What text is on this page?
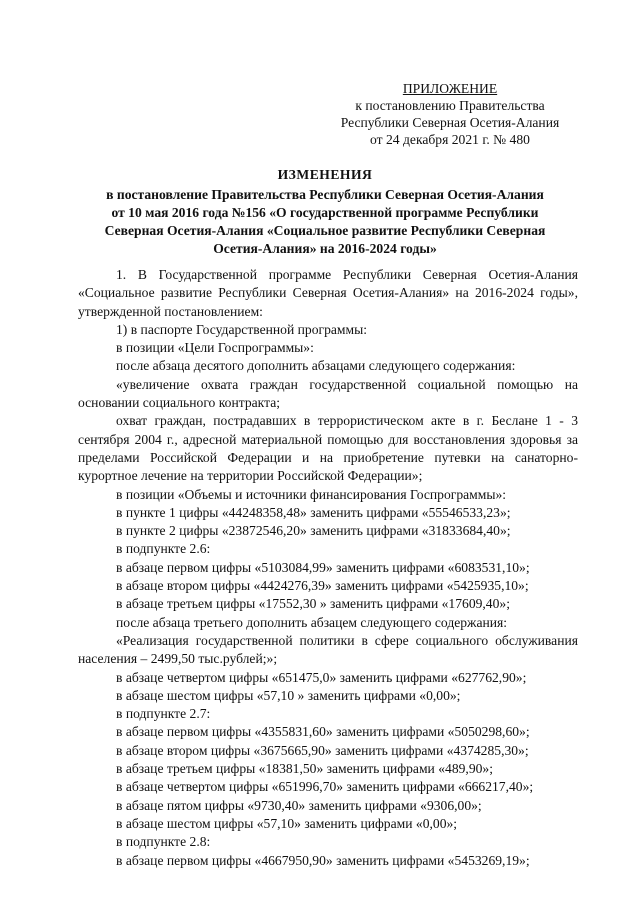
ПРИЛОЖЕНИЕ
к постановлению Правительства
Республики Северная Осетия-Алания
от 24 декабря 2021 г. № 480
ИЗМЕНЕНИЯ
в постановление Правительства Республики Северная Осетия-Алания
от 10 мая 2016 года №156 «О государственной программе Республики
Северная Осетия-Алания «Социальное развитие Республики Северная
Осетия-Алания» на 2016-2024 годы»

1. В Государственной программе Республики Северная Осетия-Алания «Социальное развитие Республики Северная Осетия-Алания» на 2016-2024 годы», утвержденной постановлением:

1) в паспорте Государственной программы:

в позиции «Цели Госпрограммы»:

после абзаца десятого дополнить абзацами следующего содержания:

«увеличение охвата граждан государственной социальной помощью на основании социального контракта;

охват граждан, пострадавших в террористическом акте в г. Беслане 1 - 3 сентября 2004 г., адресной материальной помощью для восстановления здоровья за пределами Российской Федерации и на приобретение путевки на санаторно-курортное лечение на территории Российской Федерации»;

в позиции «Объемы и источники финансирования Госпрограммы»:

в пункте 1 цифры «44248358,48» заменить цифрами «55546533,23»;

в пункте 2 цифры «23872546,20» заменить цифрами «31833684,40»;

в подпункте 2.6:

в абзаце первом цифры «5103084,99» заменить цифрами «6083531,10»;

в абзаце втором цифры «4424276,39» заменить цифрами «5425935,10»;

в абзаце третьем цифры «17552,30 » заменить цифрами «17609,40»;

после абзаца третьего дополнить абзацем следующего содержания:

«Реализация государственной политики в сфере социального обслуживания населения – 2499,50 тыс.рублей;»;

в абзаце четвертом цифры «651475,0» заменить цифрами «627762,90»;

в абзаце шестом цифры «57,10 » заменить цифрами «0,00»;

в подпункте 2.7:

в абзаце первом цифры «4355831,60» заменить цифрами «5050298,60»;

в абзаце втором цифры «3675665,90» заменить цифрами «4374285,30»;

в абзаце третьем цифры «18381,50» заменить цифрами «489,90»;

в абзаце четвертом цифры «651996,70» заменить цифрами «666217,40»;

в абзаце пятом цифры «9730,40» заменить цифрами «9306,00»;

в абзаце шестом цифры «57,10» заменить цифрами «0,00»;

в подпункте 2.8:

в абзаце первом цифры «4667950,90» заменить цифрами «5453269,19»;
